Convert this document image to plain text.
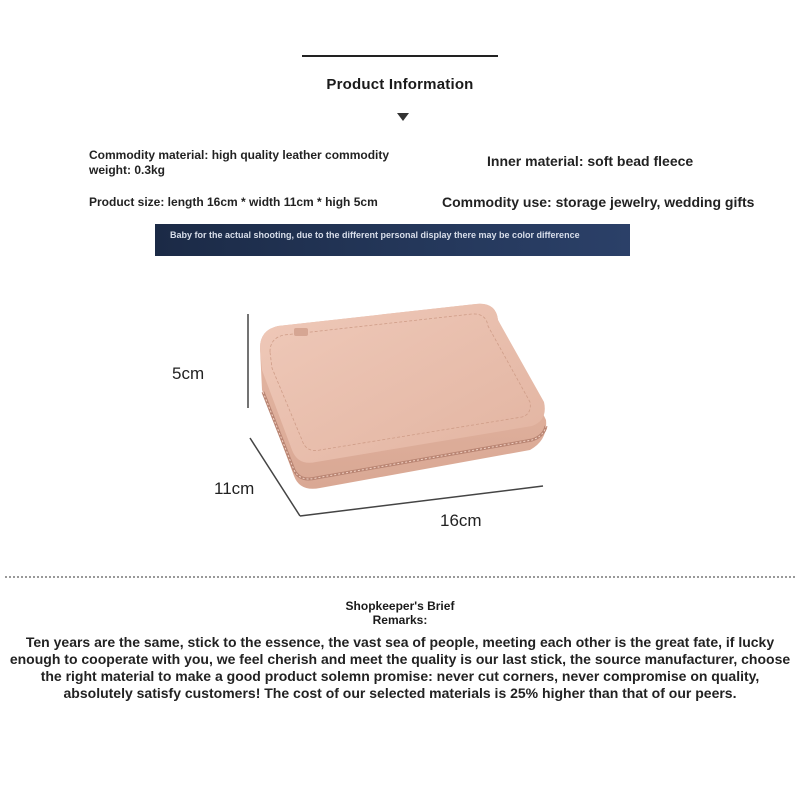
Product Information
Commodity material: high quality leather commodity
weight: 0.3kg
Inner material: soft bead fleece
Product size: length 16cm * width 11cm * high 5cm	Commodity use: storage jewelry, wedding gifts
Baby for the actual shooting, due to the different personal display there may be color difference
5cm
11cm
16cm
Shopkeeper's Brief
Remarks:
Ten years are the same, stick to the essence, the vast sea of people, meeting each other is the great fate, if lucky enough to cooperate with you, we feel cherish and meet the quality is our last stick, the source manufacturer, choose the right material to make a good product solemn promise: never cut corners, never compromise on quality, absolutely satisfy customers! The cost of our selected materials is 25% higher than that of our peers.
